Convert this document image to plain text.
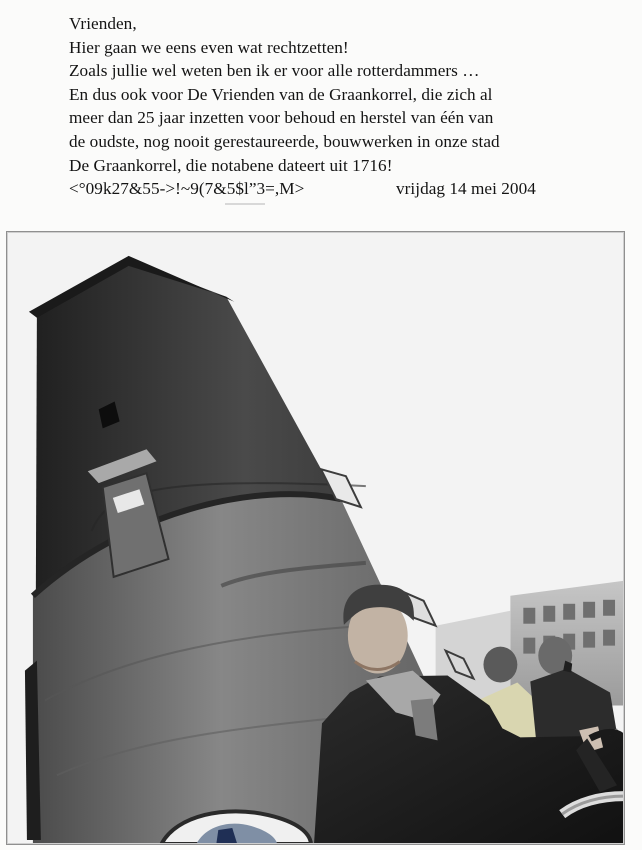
Vrienden,
Hier gaan we eens even wat rechtzetten!
Zoals jullie wel weten ben ik er voor alle rotterdammers …
En dus ook voor De Vrienden van de Graankorrel, die zich al
meer dan 25 jaar inzetten voor behoud en herstel van één van
de oudste, nog nooit gerestaureerde, bouwwerken in onze stad
De Graankorrel, die notabene dateert uit 1716!
<°09k27&55->!~9(7&5$l”3=,M>	vrijdag 14 mei 2004
